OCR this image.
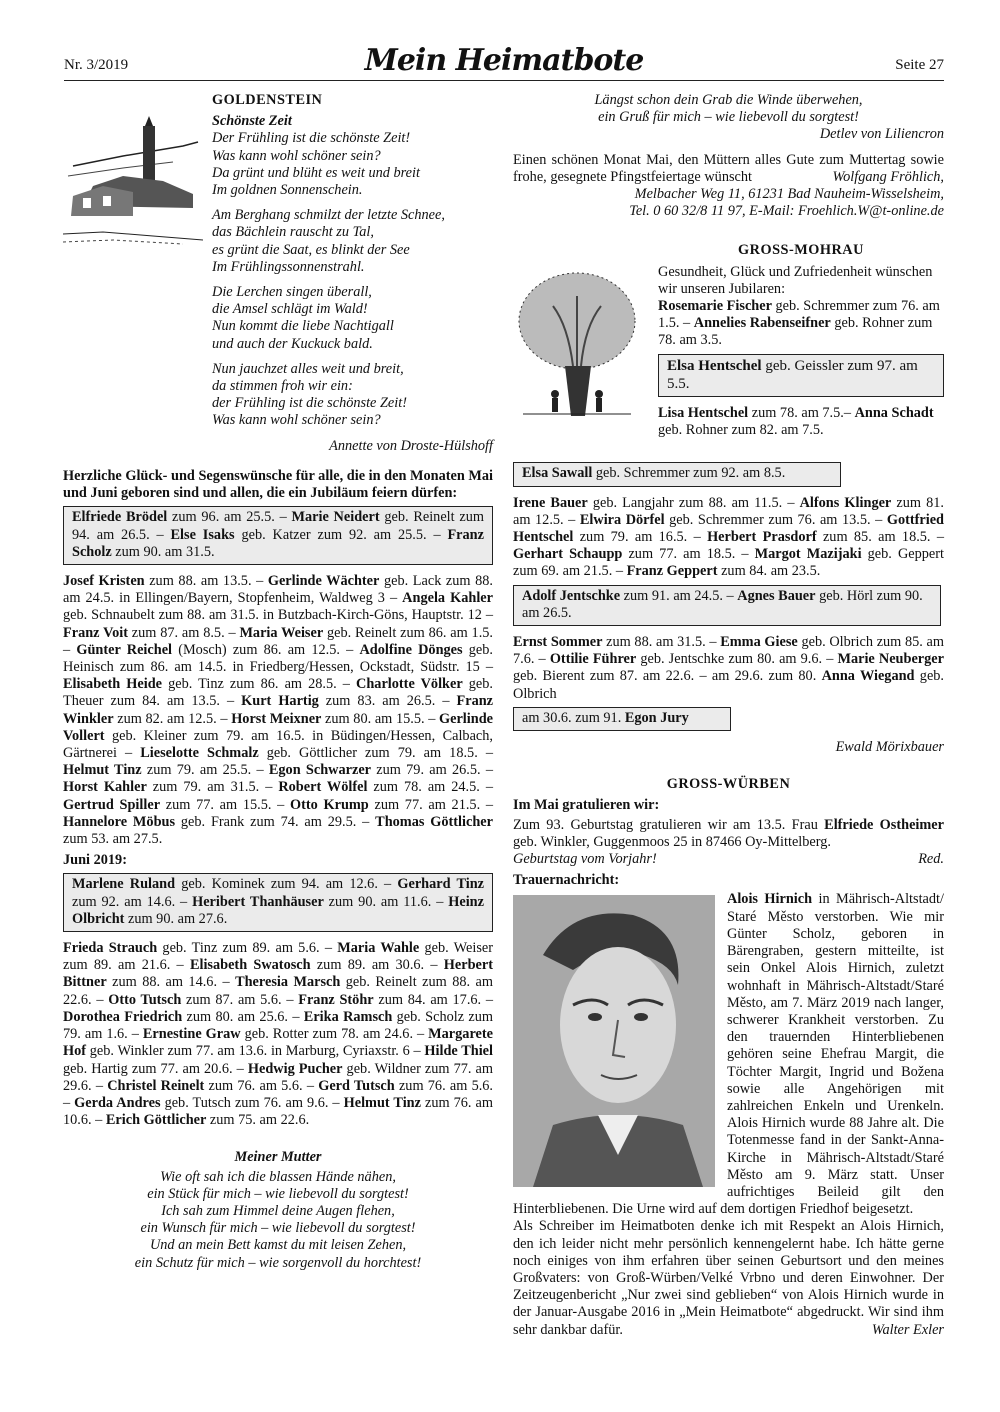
Nr. 3/2019	Mein Heimatbote	Seite 27

GOLDENSTEIN

Schönste Zeit

Der Frühling ist die schönste Zeit!

Was kann wohl schöner sein?

Da grünt und blüht es weit und breit

Im goldnen Sonnenschein.

Am Berghang schmilzt der letzte Schnee,

das Bächlein rauscht zu Tal,

es grünt die Saat, es blinkt der See

Im Frühlingssonnenstrahl.

Die Lerchen singen überall,

die Amsel schlägt im Wald!

Nun kommt die liebe Nachtigall

und auch der Kuckuck bald.

Nun jauchzet alles weit und breit,

da stimmen froh wir ein:

der Frühling ist die schönste Zeit!

Was kann wohl schöner sein?

Annette von Droste-Hülshoff

Herzliche Glück- und Segenswünsche für alle, die in den Monaten Mai und Juni geboren sind und allen, die ein Jubiläum feiern dürfen:

Elfriede Brödel zum 96. am 25.5. – Marie Neidert geb. Reinelt zum 94. am 26.5. – Else Isaks geb. Katzer zum 92. am 25.5. – Franz Scholz zum 90. am 31.5.

Josef Kristen zum 88. am 13.5. – Gerlinde Wächter geb. Lack zum 88. am 24.5. in Ellingen/Bayern, Stopfenheim, Waldweg 3 – Angela Kahler geb. Schnaubelt zum 88. am 31.5. in Butzbach-Kirch-Göns, Hauptstr. 12 – Franz Voit zum 87. am 8.5. – Maria Weiser geb. Reinelt zum 86. am 1.5. – Günter Reichel (Mosch) zum 86. am 12.5. – Adolfine Dönges geb. Heinisch zum 86. am 14.5. in Friedberg/Hessen, Ockstadt, Südstr. 15 – Elisabeth Heide geb. Tinz zum 86. am 28.5. – Charlotte Völker geb. Theuer zum 84. am 13.5. – Kurt Hartig zum 83. am 26.5. – Franz Winkler zum 82. am 12.5. – Horst Meixner zum 80. am 15.5. – Gerlinde Vollert geb. Kleiner zum 79. am 16.5. in Büdingen/Hessen, Calbach, Gärtnerei – Lieselotte Schmalz geb. Göttlicher zum 79. am 18.5. – Helmut Tinz zum 79. am 25.5. – Egon Schwarzer zum 79. am 26.5. – Horst Kahler zum 79. am 31.5. – Robert Wölfel zum 78. am 24.5. – Gertrud Spiller zum 77. am 15.5. – Otto Krump zum 77. am 21.5. – Hannelore Möbus geb. Frank zum 74. am 29.5. – Thomas Göttlicher zum 53. am 27.5.

Juni 2019:

Marlene Ruland geb. Kominek zum 94. am 12.6. – Gerhard Tinz zum 92. am 14.6. – Heribert Thanhäuser zum 90. am 11.6. – Heinz Olbricht zum 90. am 27.6.

Frieda Strauch geb. Tinz zum 89. am 5.6. – Maria Wahle geb. Weiser zum 89. am 21.6. – Elisabeth Swatosch zum 89. am 30.6. – Herbert Bittner zum 88. am 14.6. – Theresia Marsch geb. Reinelt zum 88. am 22.6. – Otto Tutsch zum 87. am 5.6. – Franz Stöhr zum 84. am 17.6. – Dorothea Friedrich zum 80. am 25.6. – Erika Ramsch geb. Scholz zum 79. am 1.6. – Ernestine Graw geb. Rotter zum 78. am 24.6. – Margarete Hof geb. Winkler zum 77. am 13.6. in Marburg, Cyriaxstr. 6 – Hilde Thiel geb. Hartig zum 77. am 20.6. – Hedwig Pucher geb. Wildner zum 77. am 29.6. – Christel Reinelt zum 76. am 5.6. – Gerd Tutsch zum 76. am 5.6. – Gerda Andres geb. Tutsch zum 76. am 9.6. – Helmut Tinz zum 76. am 10.6. – Erich Göttlicher zum 75. am 22.6.

Meiner Mutter

Wie oft sah ich die blassen Hände nähen,

ein Stück für mich – wie liebevoll du sorgtest!

Ich sah zum Himmel deine Augen flehen,

ein Wunsch für mich – wie liebevoll du sorgtest!

Und an mein Bett kamst du mit leisen Zehen,

ein Schutz für mich – wie sorgenvoll du horchtest!

Längst schon dein Grab die Winde überwehen,

ein Gruß für mich – wie liebevoll du sorgtest!

Detlev von Liliencron

Einen schönen Monat Mai, den Müttern alles Gute zum Muttertag sowie frohe, gesegnete Pfingstfeiertage wünscht	Wolfgang Fröhlich,

Melbacher Weg 11, 61231 Bad Nauheim-Wisselsheim,

Tel. 0 60 32/8 11 97, E-Mail: Froehlich.W@t-online.de

GROSS-MOHRAU

Gesundheit, Glück und Zufriedenheit wünschen wir unseren Jubilaren:

Rosemarie Fischer geb. Schremmer zum 76. am 1.5. – Annelies Rabenseifner geb. Rohner zum 78. am 3.5.

Elsa Hentschel geb. Geissler zum 97. am 5.5.

Lisa Hentschel zum 78. am 7.5.– Anna Schadt geb. Rohner zum 82. am 7.5.

Elsa Sawall geb. Schremmer zum 92. am 8.5.

Irene Bauer geb. Langjahr zum 88. am 11.5. – Alfons Klinger zum 81. am 12.5. – Elwira Dörfel geb. Schremmer zum 76. am 13.5. – Gottfried Hentschel zum 79. am 16.5. – Herbert Prasdorf zum 85. am 18.5. – Gerhart Schaupp zum 77. am 18.5. – Margot Mazijaki geb. Geppert zum 69. am 21.5. – Franz Geppert zum 84. am 23.5.

Adolf Jentschke zum 91. am 24.5. – Agnes Bauer geb. Hörl zum 90. am 26.5.

Ernst Sommer zum 88. am 31.5. – Emma Giese geb. Olbrich zum 85. am 7.6. – Ottilie Führer geb. Jentschke zum 80. am 9.6. – Marie Neuberger geb. Bierent zum 87. am 22.6. – am 29.6. zum 80. Anna Wiegand geb. Olbrich

am 30.6. zum 91. Egon Jury

Ewald Mörixbauer

GROSS-WÜRBEN

Im Mai gratulieren wir:

Zum 93. Geburtstag gratulieren wir am 13.5. Frau Elfriede Ostheimer geb. Winkler, Guggenmoos 25 in 87466 Oy-Mittelberg.

Geburtstag vom Vorjahr!	Red.

Trauernachricht:

Alois Hirnich in Mährisch-Altstadt/ Staré Město verstorben. Wie mir Günter Scholz, geboren in Bärengraben, gestern mitteilte, ist sein Onkel Alois Hirnich, zuletzt wohnhaft in Mährisch-Altstadt/Staré Město, am 7. März 2019 nach langer, schwerer Krankheit verstorben. Zu den trauernden Hinterbliebenen gehören seine Ehefrau Margit, die Töchter Margit, Ingrid und Božena sowie alle Angehörigen mit zahlreichen Enkeln und Urenkeln. Alois Hirnich wurde 88 Jahre alt. Die Totenmesse fand in der Sankt-Anna-Kirche in Mährisch-Altstadt/Staré Město am 9. März statt. Unser aufrichtiges Beileid gilt den Hinterbliebenen. Die Urne wird auf dem dortigen Friedhof beigesetzt.

Als Schreiber im Heimatboten denke ich mit Respekt an Alois Hirnich, den ich leider nicht mehr persönlich kennengelernt habe. Ich hätte gerne noch einiges von ihm erfahren über seinen Geburtsort und den meines Großvaters: von Groß-Würben/Velké Vrbno und deren Einwohner. Der Zeitzeugenbericht „Nur zwei sind geblieben“ von Alois Hirnich wurde in der Januar-Ausgabe 2016 in „Mein Heimatbote“ abgedruckt. Wir sind ihm sehr dankbar dafür.	Walter Exler
